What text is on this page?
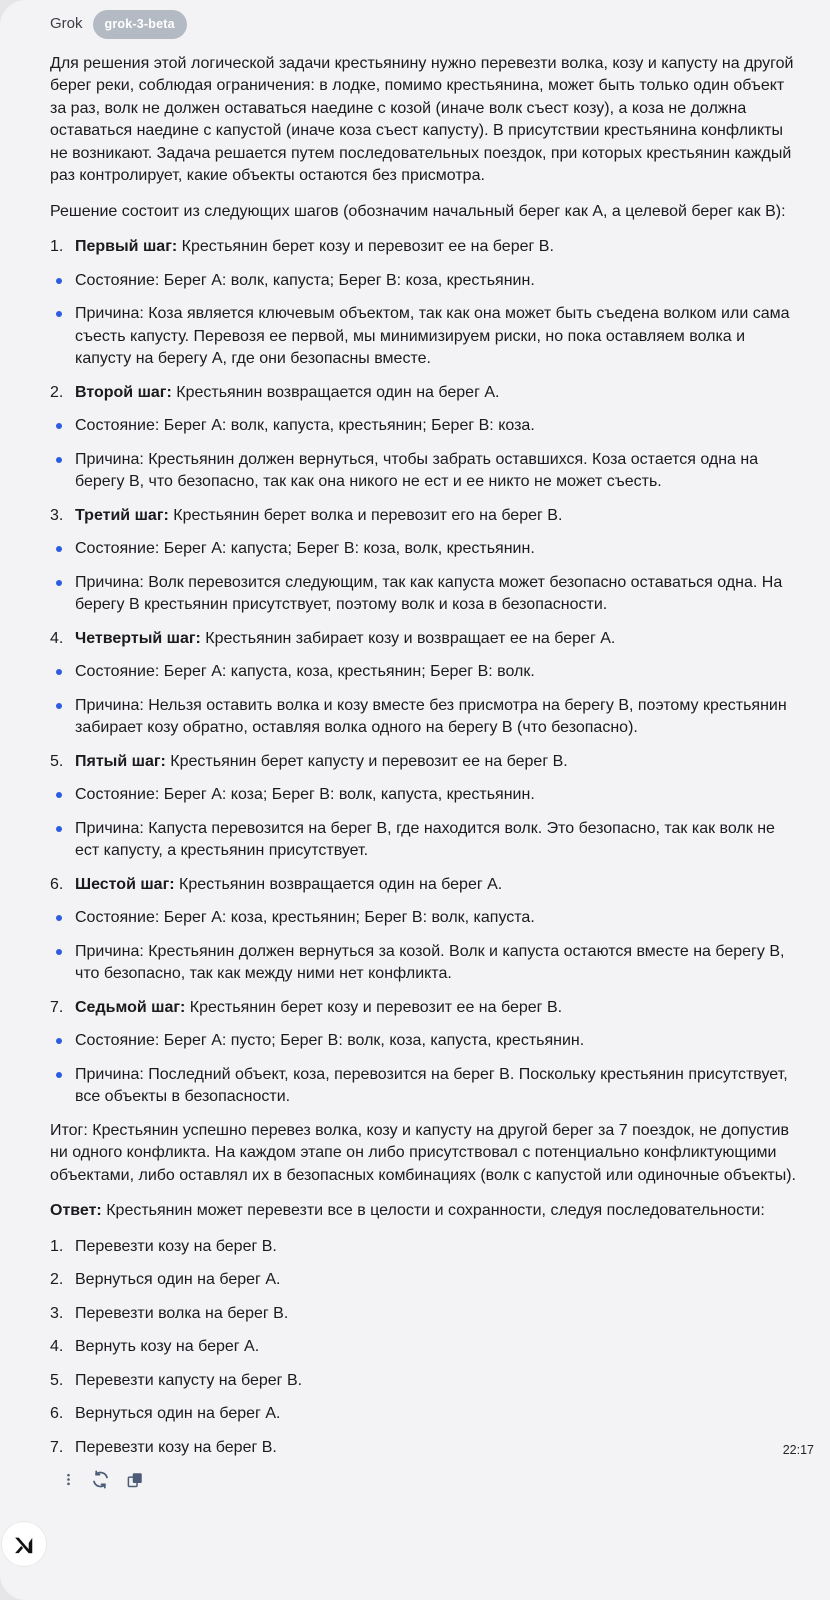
Grok	grok-3-beta

Для решения этой логической задачи крестьянину нужно перевезти волка, козу и капусту на другой берег реки, соблюдая ограничения: в лодке, помимо крестьянина, может быть только один объект за раз, волк не должен оставаться наедине с козой (иначе волк съест козу), а коза не должна оставаться наедине с капустой (иначе коза съест капусту). В присутствии крестьянина конфликты не возникают. Задача решается путем последовательных поездок, при которых крестьянин каждый раз контролирует, какие объекты остаются без присмотра.

Решение состоит из следующих шагов (обозначим начальный берег как A, а целевой берег как B):

1. Первый шаг: Крестьянин берет козу и перевозит ее на берег B.
Состояние: Берег A: волк, капуста; Берег B: коза, крестьянин.
Причина: Коза является ключевым объектом, так как она может быть съедена волком или сама съесть капусту. Перевозя ее первой, мы минимизируем риски, но пока оставляем волка и капусту на берегу A, где они безопасны вместе.
2. Второй шаг: Крестьянин возвращается один на берег A.
Состояние: Берег A: волк, капуста, крестьянин; Берег B: коза.
Причина: Крестьянин должен вернуться, чтобы забрать оставшихся. Коза остается одна на берегу B, что безопасно, так как она никого не ест и ее никто не может съесть.
3. Третий шаг: Крестьянин берет волка и перевозит его на берег B.
Состояние: Берег A: капуста; Берег B: коза, волк, крестьянин.
Причина: Волк перевозится следующим, так как капуста может безопасно оставаться одна. На берегу B крестьянин присутствует, поэтому волк и коза в безопасности.
4. Четвертый шаг: Крестьянин забирает козу и возвращает ее на берег A.
Состояние: Берег A: капуста, коза, крестьянин; Берег B: волк.
Причина: Нельзя оставить волка и козу вместе без присмотра на берегу B, поэтому крестьянин забирает козу обратно, оставляя волка одного на берегу B (что безопасно).
5. Пятый шаг: Крестьянин берет капусту и перевозит ее на берег B.
Состояние: Берег A: коза; Берег B: волк, капуста, крестьянин.
Причина: Капуста перевозится на берег B, где находится волк. Это безопасно, так как волк не ест капусту, а крестьянин присутствует.
6. Шестой шаг: Крестьянин возвращается один на берег A.
Состояние: Берег A: коза, крестьянин; Берег B: волк, капуста.
Причина: Крестьянин должен вернуться за козой. Волк и капуста остаются вместе на берегу B, что безопасно, так как между ними нет конфликта.
7. Седьмой шаг: Крестьянин берет козу и перевозит ее на берег B.
Состояние: Берег A: пусто; Берег B: волк, коза, капуста, крестьянин.
Причина: Последний объект, коза, перевозится на берег B. Поскольку крестьянин присутствует, все объекты в безопасности.

Итог: Крестьянин успешно перевез волка, козу и капусту на другой берег за 7 поездок, не допустив ни одного конфликта. На каждом этапе он либо присутствовал с потенциально конфликтующими объектами, либо оставлял их в безопасных комбинациях (волк с капустой или одиночные объекты).

Ответ: Крестьянин может перевезти все в целости и сохранности, следуя последовательности:

1. Перевезти козу на берег B.
2. Вернуться один на берег A.
3. Перевезти волка на берег B.
4. Вернуть козу на берег A.
5. Перевезти капусту на берег B.
6. Вернуться один на берег A.
7. Перевезти козу на берег B.	22:17
